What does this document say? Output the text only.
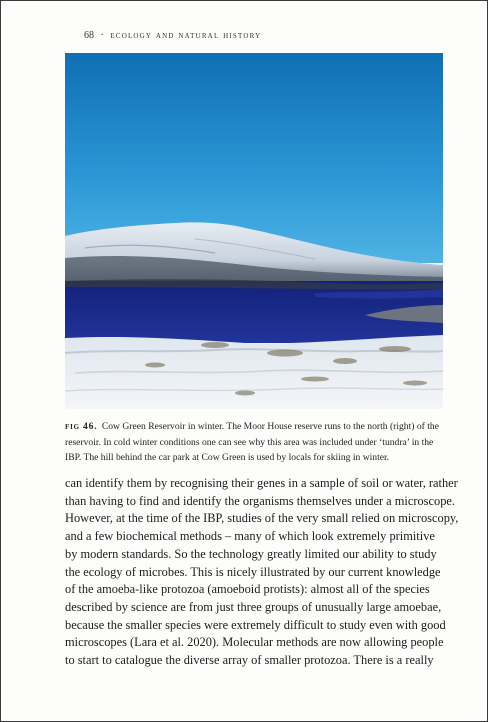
68 · ecology and natural history
fig 46. Cow Green Reservoir in winter. The Moor House reserve runs to the north (right) of the reservoir. In cold winter conditions one can see why this area was included under ‘tundra’ in the IBP. The hill behind the car park at Cow Green is used by locals for skiing in winter.
can identify them by recognising their genes in a sample of soil or water, rather
than having to find and identify the organisms themselves under a microscope.
However, at the time of the IBP, studies of the very small relied on microscopy,
and a few biochemical methods – many of which look extremely primitive
by modern standards. So the technology greatly limited our ability to study
the ecology of microbes. This is nicely illustrated by our current knowledge
of the amoeba-like protozoa (amoeboid protists): almost all of the species
described by science are from just three groups of unusually large amoebae,
because the smaller species were extremely difficult to study even with good
microscopes (Lara et al. 2020). Molecular methods are now allowing people
to start to catalogue the diverse array of smaller protozoa. There is a really
